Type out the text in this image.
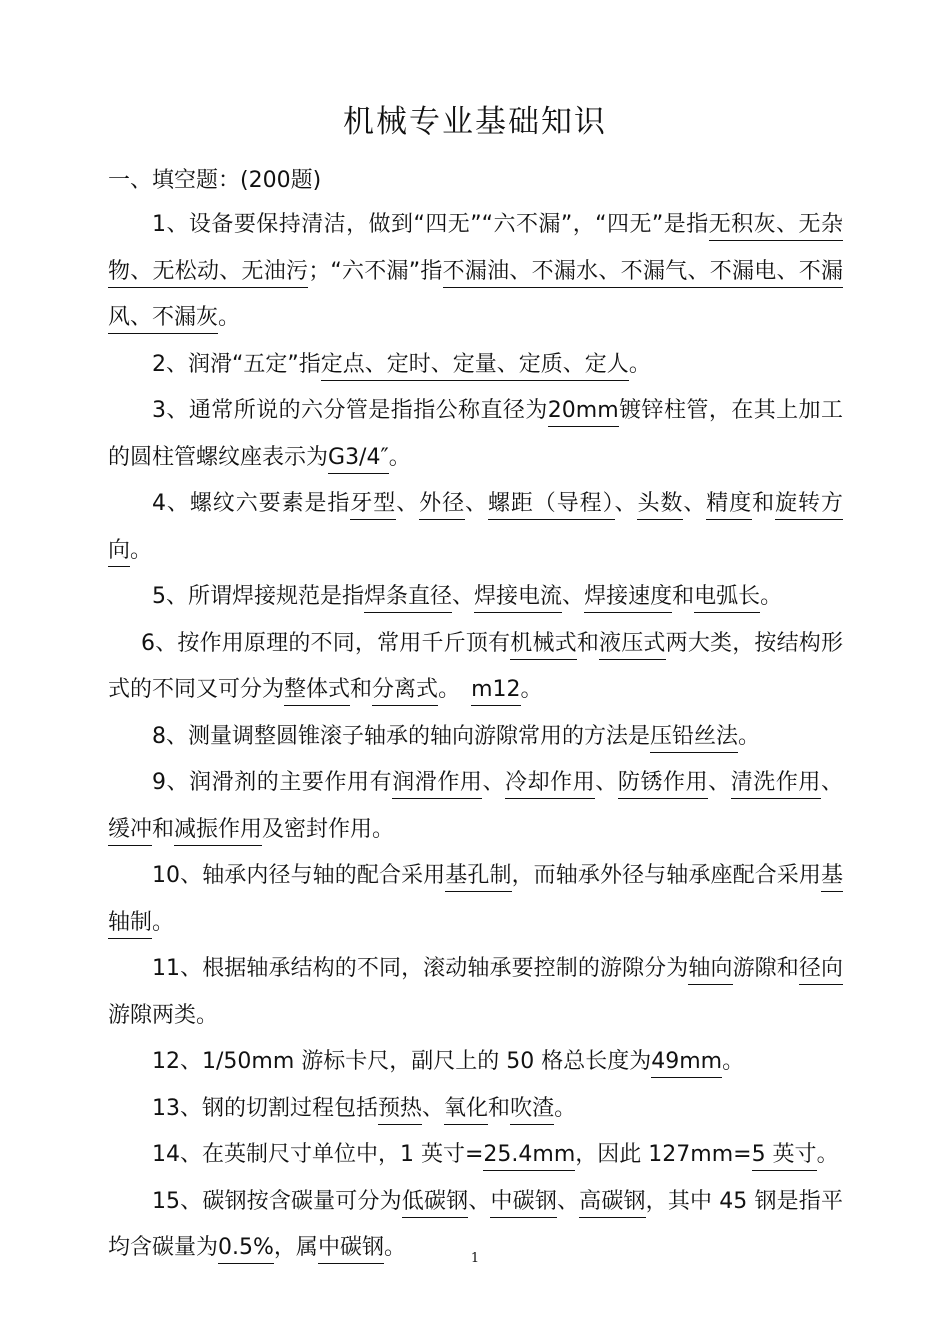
机械专业基础知识

一、填空题：(200题)

1、设备要保持清洁，做到“四无”“六不漏”，“四无”是指无积灰、无杂物、无松动、无油污；“六不漏”指不漏油、不漏水、不漏气、不漏电、不漏风、不漏灰。

2、润滑“五定”指定点、定时、定量、定质、定人。

3、通常所说的六分管是指指公称直径为20mm镀锌柱管，在其上加工的圆柱管螺纹座表示为G3/4″。

4、螺纹六要素是指牙型、外径、螺距（导程）、头数、精度和旋转方向。

5、所谓焊接规范是指焊条直径、焊接电流、焊接速度和电弧长。

6、按作用原理的不同，常用千斤顶有机械式和液压式两大类，按结构形式的不同又可分为整体式和分离式。　m12。

8、测量调整圆锥滚子轴承的轴向游隙常用的方法是压铅丝法。

9、润滑剂的主要作用有润滑作用、冷却作用、防锈作用、清洗作用、缓冲和减振作用及密封作用。

10、轴承内径与轴的配合采用基孔制，而轴承外径与轴承座配合采用基轴制。

11、根据轴承结构的不同，滚动轴承要控制的游隙分为轴向游隙和径向游隙两类。

12、1/50mm 游标卡尺，副尺上的 50 格总长度为49mm。

13、钢的切割过程包括预热、氧化和吹渣。

14、在英制尺寸单位中，1 英寸=25.4mm，因此 127mm=5 英寸。

15、碳钢按含碳量可分为低碳钢、中碳钢、高碳钢，其中 45 钢是指平均含碳量为0.5%，属中碳钢。	1
